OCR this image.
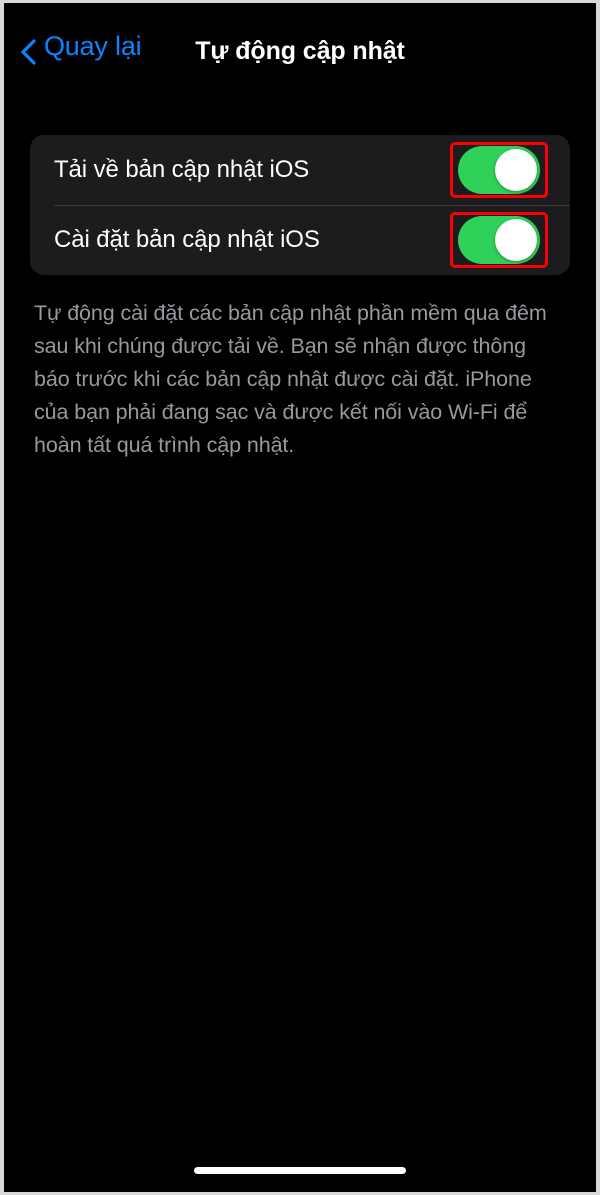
Quay lại	Tự động cập nhật
Tải về bản cập nhật iOS
Cài đặt bản cập nhật iOS
Tự động cài đặt các bản cập nhật phần mềm qua đêm sau khi chúng được tải về. Bạn sẽ nhận được thông báo trước khi các bản cập nhật được cài đặt. iPhone của bạn phải đang sạc và được kết nối vào Wi-Fi để hoàn tất quá trình cập nhật.
